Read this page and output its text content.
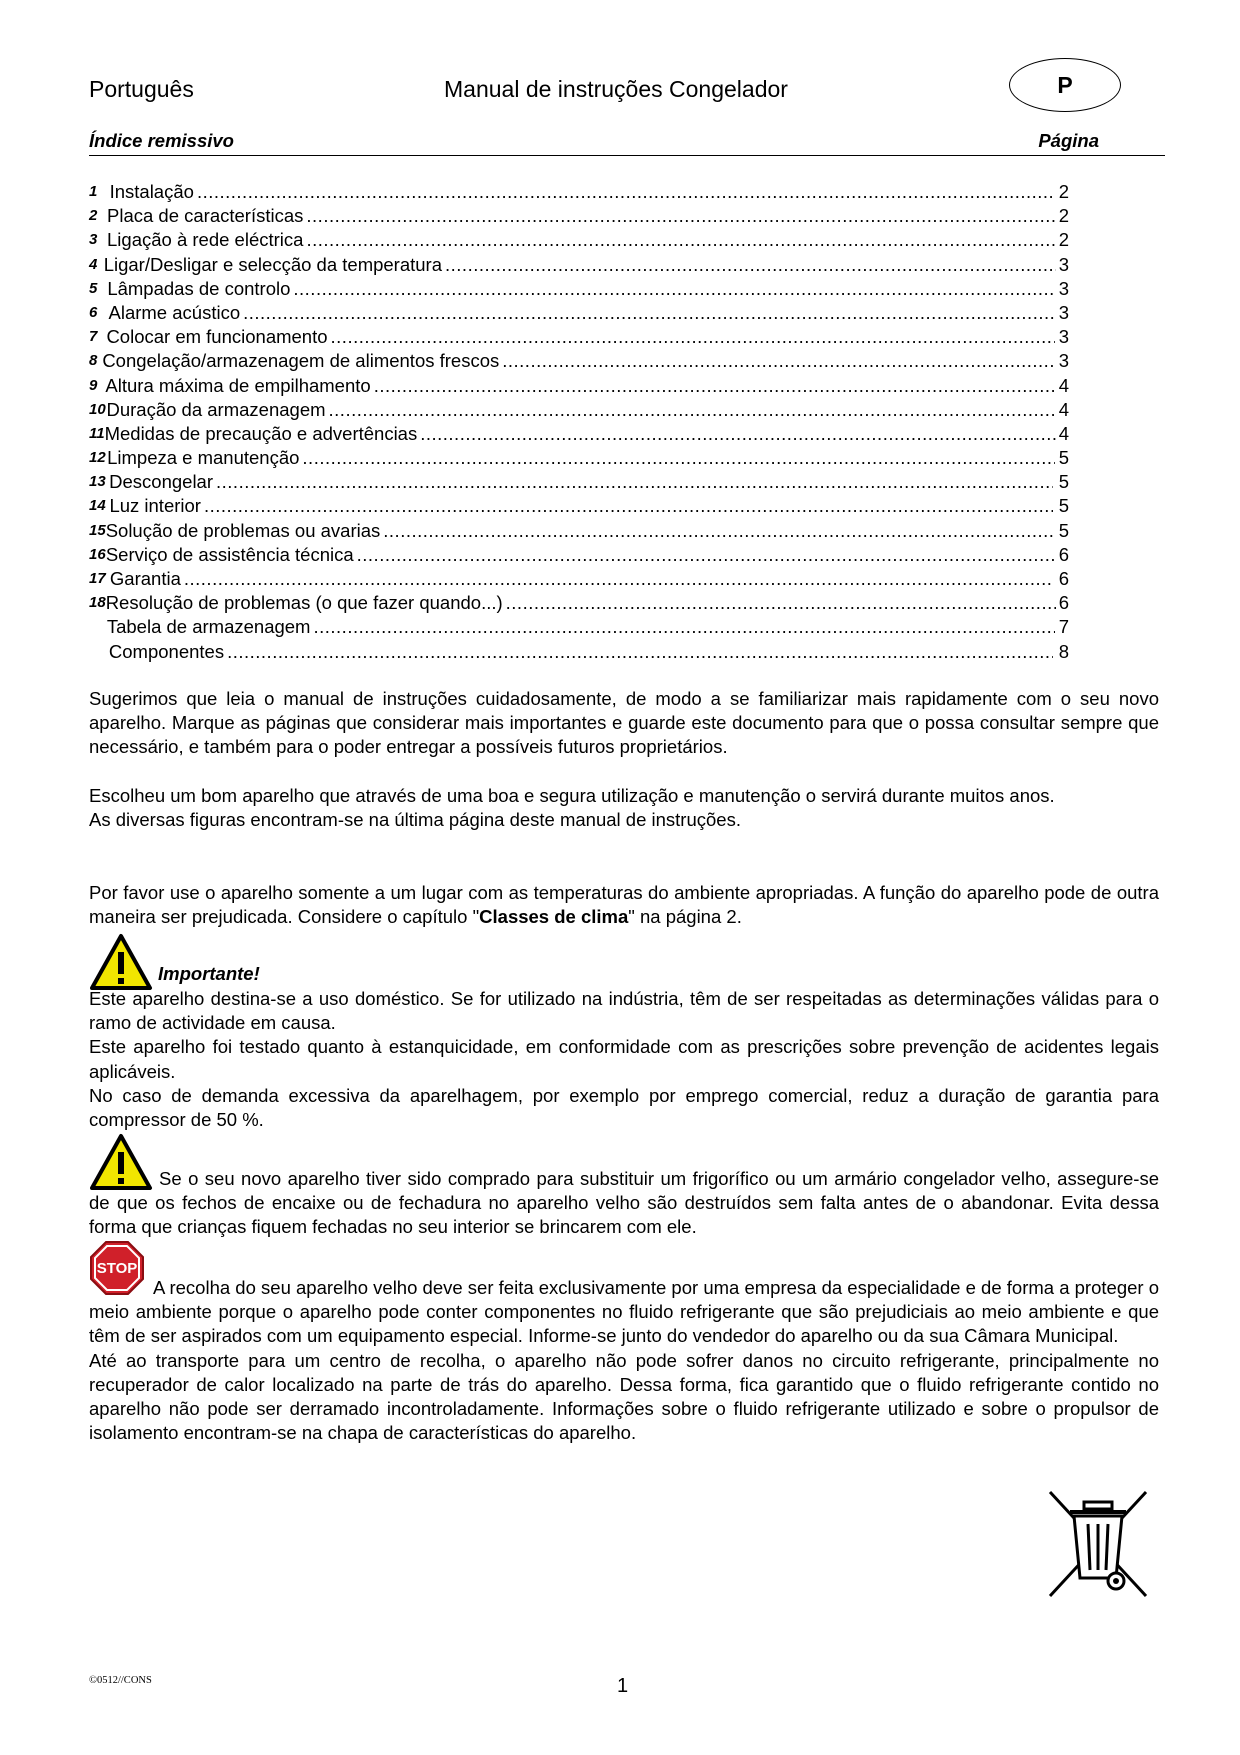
Português	Manual de instruções Congelador	P
Índice remissivo	Página
1 Instalação .....	2
2 Placa de características .....	2
3 Ligação à rede eléctrica .....	2
4 Ligar/Desligar e selecção da temperatura .....	3
5 Lâmpadas de controlo .....	3
6 Alarme acústico .....	3
7 Colocar em funcionamento .....	3
8 Congelação/armazenagem de alimentos frescos .....	3
9 Altura máxima de empilhamento .....	4
10 Duração da armazenagem .....	4
11 Medidas de precaução e advertências .....	4
12 Limpeza e manutenção .....	5
13 Descongelar .....	5
14 Luz interior .....	5
15 Solução de problemas ou avarias .....	5
16 Serviço de assistência técnica .....	6
17 Garantia .....	6
18 Resolução de problemas (o que fazer quando...) .....	6
Tabela de armazenagem .....	7
Componentes .....	8

Sugerimos que leia o manual de instruções cuidadosamente, de modo a se familiarizar mais rapidamente com o seu novo aparelho. Marque as páginas que considerar mais importantes e guarde este documento para que o possa consultar sempre que necessário, e também para o poder entregar a possíveis futuros proprietários.

Escolheu um bom aparelho que através de uma boa e segura utilização e manutenção o servirá durante muitos anos.

As diversas figuras encontram-se na última página deste manual de instruções.

Por favor use o aparelho somente a um lugar com as temperaturas do ambiente apropriadas. A função do aparelho pode de outra maneira ser prejudicada. Considere o capítulo "Classes de clima" na página 2.

Importante!

Este aparelho destina-se a uso doméstico. Se for utilizado na indústria, têm de ser respeitadas as determinações válidas para o ramo de actividade em causa.

Este aparelho foi testado quanto à estanquicidade, em conformidade com as prescrições sobre prevenção de acidentes legais aplicáveis.

No caso de demanda excessiva da aparelhagem, por exemplo por emprego comercial, reduz a duração de garantia para compressor de 50 %.

Se o seu novo aparelho tiver sido comprado para substituir um frigorífico ou um armário congelador velho, assegure-se de que os fechos de encaixe ou de fechadura no aparelho velho são destruídos sem falta antes de o abandonar. Evita dessa forma que crianças fiquem fechadas no seu interior se brincarem com ele.

STOP

A recolha do seu aparelho velho deve ser feita exclusivamente por uma empresa da especialidade e de forma a proteger o meio ambiente porque o aparelho pode conter componentes no fluido refrigerante que são prejudiciais ao meio ambiente e que têm de ser aspirados com um equipamento especial. Informe-se junto do vendedor do aparelho ou da sua Câmara Municipal.

Até ao transporte para um centro de recolha, o aparelho não pode sofrer danos no circuito refrigerante, principalmente no recuperador de calor localizado na parte de trás do aparelho. Dessa forma, fica garantido que o fluido refrigerante contido no aparelho não pode ser derramado incontroladamente. Informações sobre o fluido refrigerante utilizado e sobre o propulsor de isolamento encontram-se na chapa de características do aparelho.

©0512//CONS	1
